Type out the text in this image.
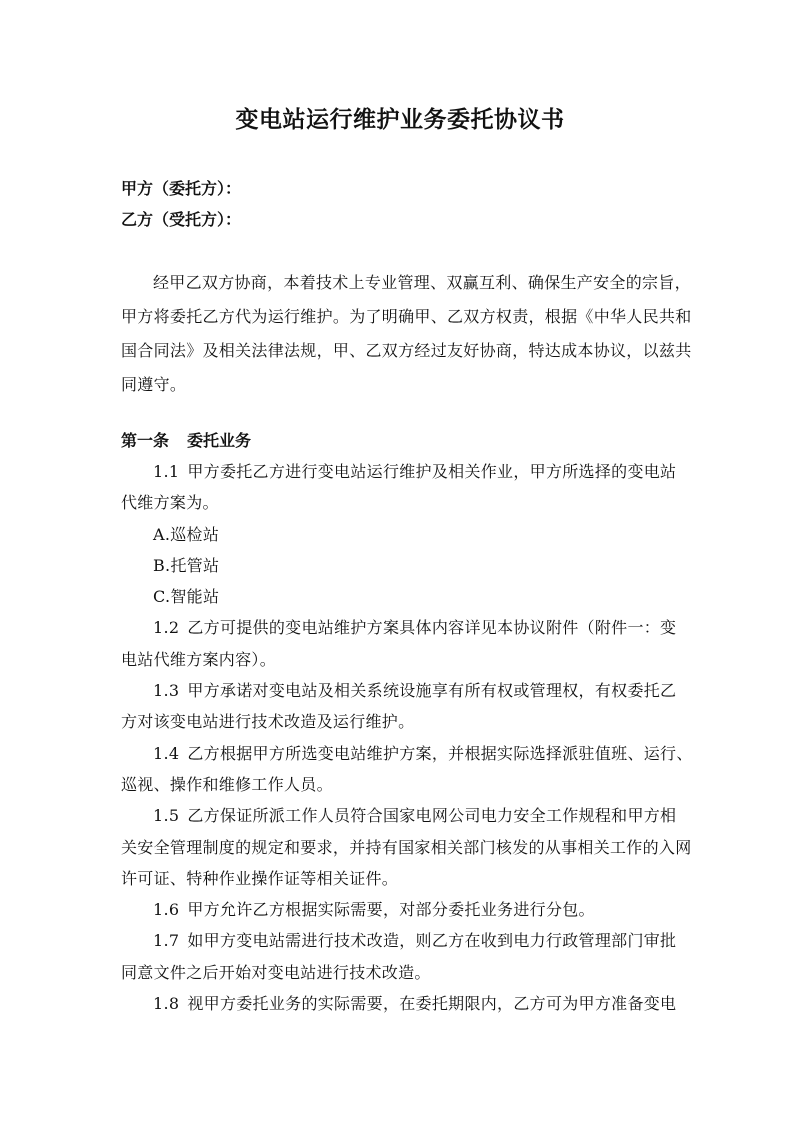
变电站运行维护业务委托协议书
甲方（委托方）：
乙方（受托方）：
经甲乙双方协商，本着技术上专业管理、双赢互利、确保生产安全的宗旨，
甲方将委托乙方代为运行维护。为了明确甲、乙双方权责，根据《中华人民共和
国合同法》及相关法律法规，甲、乙双方经过友好协商，特达成本协议，以兹共
同遵守。
第一条 委托业务
1.1 甲方委托乙方进行变电站运行维护及相关作业，甲方所选择的变电站
代维方案为。
A.巡检站
B.托管站
C.智能站
1.2 乙方可提供的变电站维护方案具体内容详见本协议附件（附件一：变
电站代维方案内容）。
1.3 甲方承诺对变电站及相关系统设施享有所有权或管理权，有权委托乙
方对该变电站进行技术改造及运行维护。
1.4 乙方根据甲方所选变电站维护方案，并根据实际选择派驻值班、运行、
巡视、操作和维修工作人员。
1.5 乙方保证所派工作人员符合国家电网公司电力安全工作规程和甲方相
关安全管理制度的规定和要求，并持有国家相关部门核发的从事相关工作的入网
许可证、特种作业操作证等相关证件。
1.6 甲方允许乙方根据实际需要，对部分委托业务进行分包。
1.7 如甲方变电站需进行技术改造，则乙方在收到电力行政管理部门审批
同意文件之后开始对变电站进行技术改造。
1.8 视甲方委托业务的实际需要，在委托期限内，乙方可为甲方准备变电
